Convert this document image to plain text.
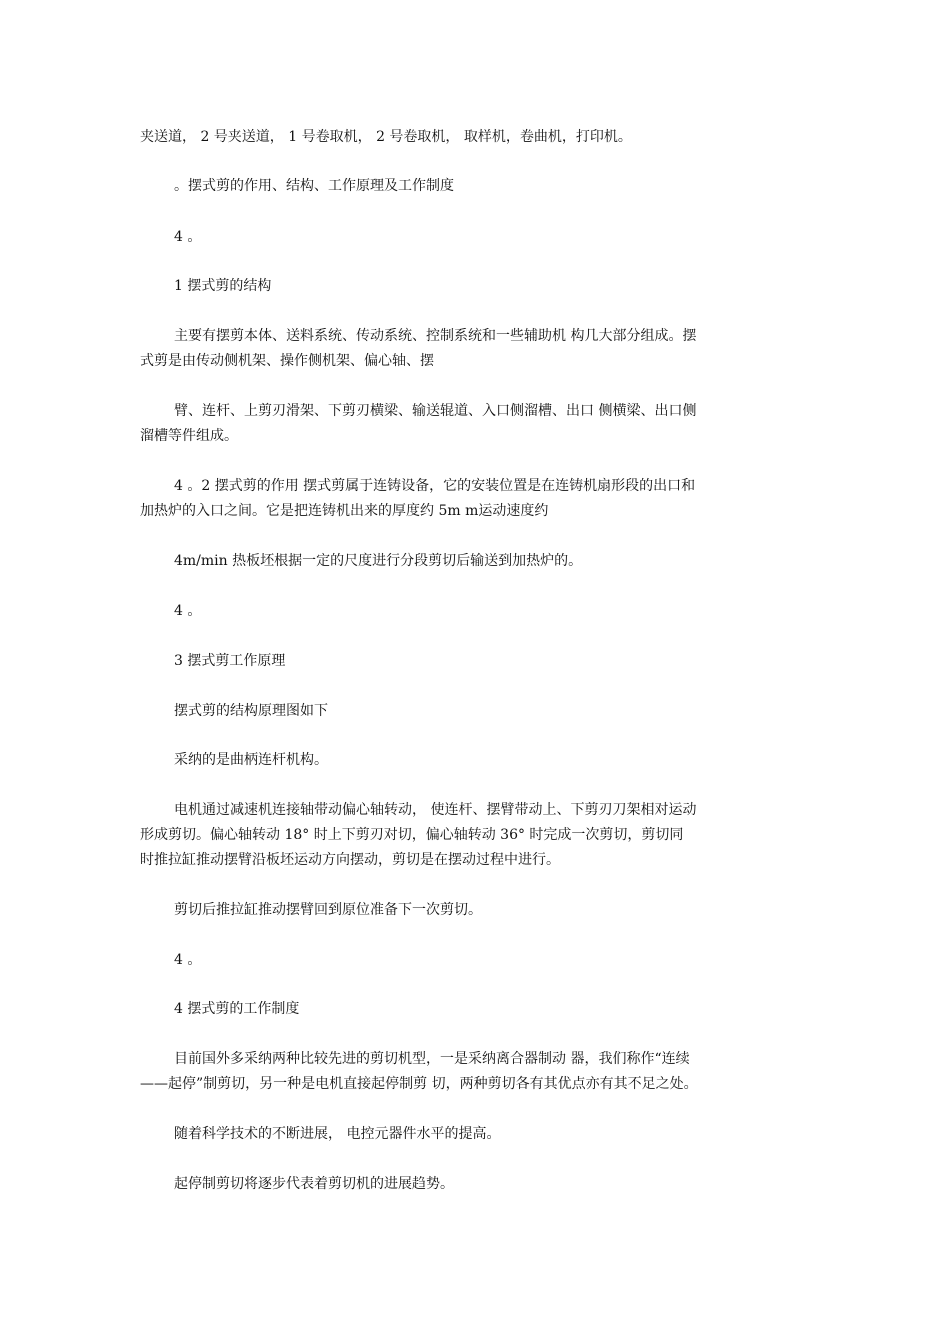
夹送道， 2 号夹送道， 1 号卷取机， 2 号卷取机， 取样机，卷曲机，打印机。

。摆式剪的作用、结构、工作原理及工作制度

4 。

1 摆式剪的结构

主要有摆剪本体、送料系统、传动系统、控制系统和一些辅助机 构几大部分组成。摆
式剪是由传动侧机架、操作侧机架、偏心轴、摆

臂、连杆、上剪刃滑架、下剪刃横梁、输送辊道、入口侧溜槽、出口 侧横梁、出口侧
溜槽等件组成。

4 。2 摆式剪的作用 摆式剪属于连铸设备，它的安装位置是在连铸机扇形段的出口和
加热炉的入口之间。它是把连铸机出来的厚度约 5m m运动速度约

4m/min 热板坯根据一定的尺度进行分段剪切后输送到加热炉的。

4 。

3 摆式剪工作原理

摆式剪的结构原理图如下

采纳的是曲柄连杆机构。

电机通过减速机连接轴带动偏心轴转动， 使连杆、摆臂带动上、下剪刃刀架相对运动
形成剪切。偏心轴转动 18° 时上下剪刃对切，偏心轴转动 36° 时完成一次剪切，剪切同
时推拉缸推动摆臂沿板坯运动方向摆动，剪切是在摆动过程中进行。

剪切后推拉缸推动摆臂回到原位准备下一次剪切。

4 。

4 摆式剪的工作制度

目前国外多采纳两种比较先进的剪切机型，一是采纳离合器制动 器，我们称作“连续
——起停”制剪切，另一种是电机直接起停制剪 切，两种剪切各有其优点亦有其不足之处。

随着科学技术的不断进展， 电控元器件水平的提高。

起停制剪切将逐步代表着剪切机的进展趋势。
